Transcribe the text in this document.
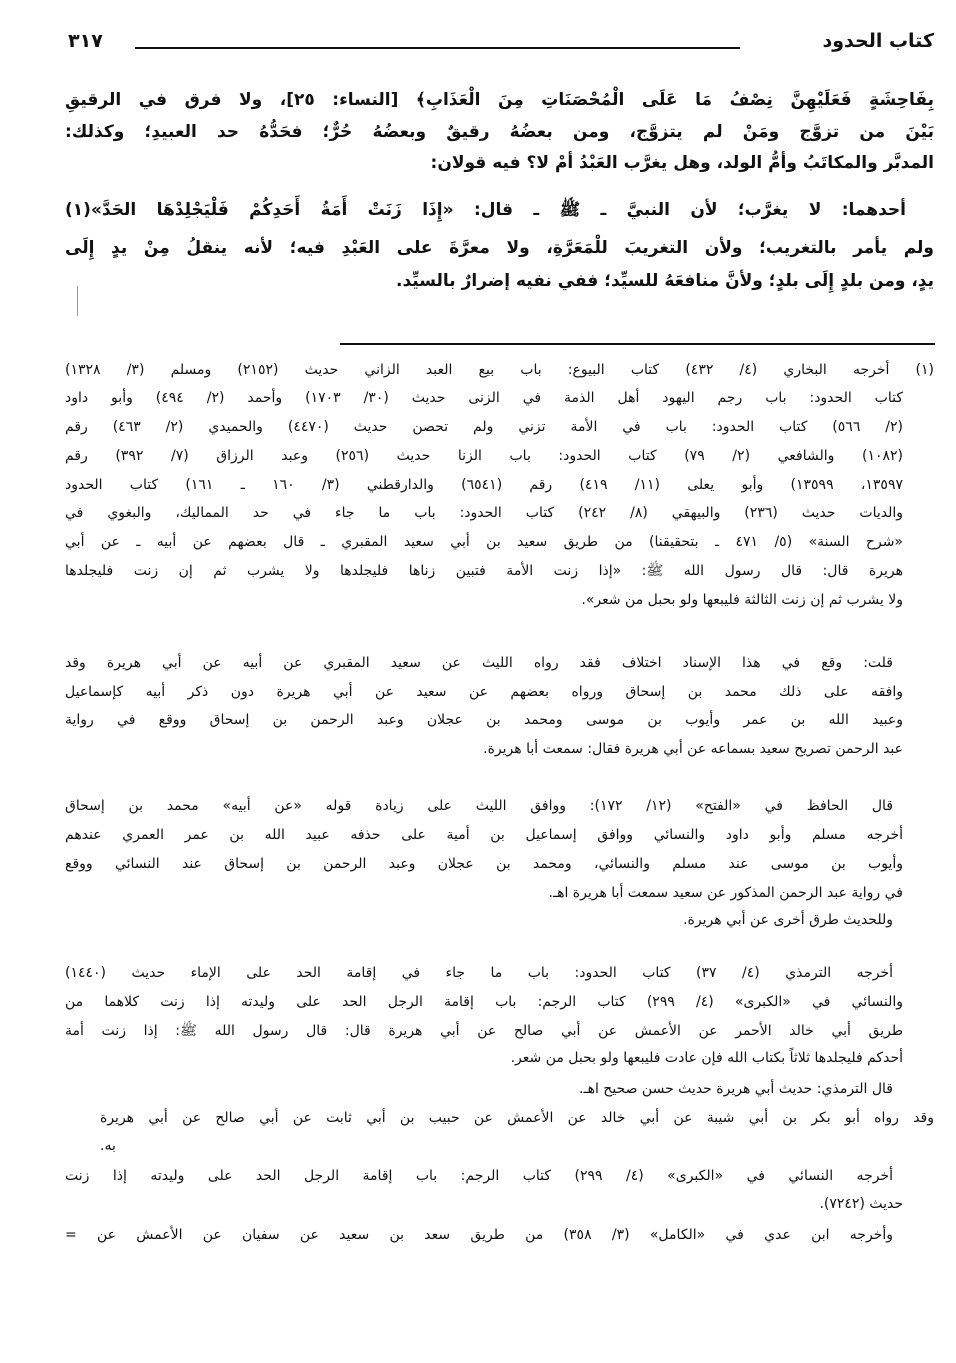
كتاب الحدود
٣١٧
بِفَاحِشَةٍ فَعَلَيْهِنَّ نِصْفُ مَا عَلَى الْمُحْصَنَاتِ مِنَ الْعَذَابِ﴾ [النساء: ٢٥]، ولا فرق في الرقيقِ
بَيْنَ من تزوَّج ومَنْ لم يتزوَّج، ومن بعضُهُ رقيقٌ وبعضُهُ حُرٌّ؛ فحَدُّهُ حد العبيدِ؛ وكذلك:
المدبَّر والمكاتَبُ وأمُّ الولد، وهل يغرَّب العَبْدُ أمْ لا؟ فيه قولان:
أحدهما: لا يغرَّب؛ لأن النبيَّ ـ ﷺ ـ قال: «إِذَا زَنَتْ أَمَةُ أَحَدِكُمْ فَلْيَجْلِدْهَا الحَدَّ»(١)
ولم يأمر بالتغريب؛ ولأن التغريبَ للْمَعَرَّةِ، ولا معرَّةَ على العَبْدِ فيه؛ لأنه ينقلُ مِنْ يدٍ إِلَى
يدٍ، ومن بلدٍ إِلَى بلدٍ؛ ولأنَّ منافعَهُ للسيِّد؛ ففي نفيه إضرارٌ بالسيِّد.
(١) أخرجه البخاري (٤/ ٤٣٢) كتاب البيوع: باب بيع العبد الزاني حديث (٢١٥٢) ومسلم (٣/ ١٣٢٨)
كتاب الحدود: باب رجم اليهود أهل الذمة في الزنى حديث (٣٠/ ١٧٠٣) وأحمد (٢/ ٤٩٤) وأبو داود
(٢/ ٥٦٦) كتاب الحدود: باب في الأمة تزني ولم تحصن حديث (٤٤٧٠) والحميدي (٢/ ٤٦٣) رقم
(١٠٨٢) والشافعي (٢/ ٧٩) كتاب الحدود: باب الزنا حديث (٢٥٦) وعبد الرزاق (٧/ ٣٩٢) رقم
١٣٥٩٧، ١٣٥٩٩) وأبو يعلى (١١/ ٤١٩) رقم (٦٥٤١) والدارقطني (٣/ ١٦٠ ـ ١٦١) كتاب الحدود
والديات حديث (٢٣٦) والبيهقي (٨/ ٢٤٢) كتاب الحدود: باب ما جاء في حد المماليك، والبغوي في
«شرح السنة» (٥/ ٤٧١ ـ بتحقيقنا) من طريق سعيد بن أبي سعيد المقبري ـ قال بعضهم عن أبيه ـ عن أبي
هريرة قال: قال رسول الله ﷺ: «إذا زنت الأمة فتبين زناها فليجلدها ولا يشرب ثم إن زنت فليجلدها
ولا يشرب ثم إن زنت الثالثة فليبعها ولو بحبل من شعر».
قلت: وقع في هذا الإسناد اختلاف فقد رواه الليث عن سعيد المقبري عن أبيه عن أبي هريرة وقد
وافقه على ذلك محمد بن إسحاق ورواه بعضهم عن سعيد عن أبي هريرة دون ذكر أبيه كإسماعيل
وعبيد الله بن عمر وأيوب بن موسى ومحمد بن عجلان وعبد الرحمن بن إسحاق ووقع في رواية
عبد الرحمن تصريح سعيد بسماعه عن أبي هريرة فقال: سمعت أبا هريرة.
قال الحافظ في «الفتح» (١٢/ ١٧٢): ووافق الليث على زيادة قوله «عن أبيه» محمد بن إسحاق
أخرجه مسلم وأبو داود والنسائي ووافق إسماعيل بن أمية على حذفه عبيد الله بن عمر العمري عندهم
وأيوب بن موسى عند مسلم والنسائي، ومحمد بن عجلان وعبد الرحمن بن إسحاق عند النسائي ووقع
في رواية عبد الرحمن المذكور عن سعيد سمعت أبا هريرة اهـ.
وللحديث طرق أخرى عن أبي هريرة.
أخرجه الترمذي (٤/ ٣٧) كتاب الحدود: باب ما جاء في إقامة الحد على الإماء حديث (١٤٤٠)
والنسائي في «الكبرى» (٤/ ٢٩٩) كتاب الرجم: باب إقامة الرجل الحد على وليدته إذا زنت كلاهما من
طريق أبي خالد الأحمر عن الأعمش عن أبي صالح عن أبي هريرة قال: قال رسول الله ﷺ: إذا زنت أمة
أحدكم فليجلدها ثلاثاً بكتاب الله فإن عادت فليبعها ولو بحبل من شعر.
قال الترمذي: حديث أبي هريرة حديث حسن صحيح اهـ.
وقد رواه أبو بكر بن أبي شيبة عن أبي خالد عن الأعمش عن حبيب بن أبي ثابت عن أبي صالح عن أبي هريرة
به.
أخرجه النسائي في «الكبرى» (٤/ ٢٩٩) كتاب الرجم: باب إقامة الرجل الحد على وليدته إذا زنت
حديث (٧٢٤٢).
وأخرجه ابن عدي في «الكامل» (٣/ ٣٥٨) من طريق سعد بن سعيد عن سفيان عن الأعمش عن =
